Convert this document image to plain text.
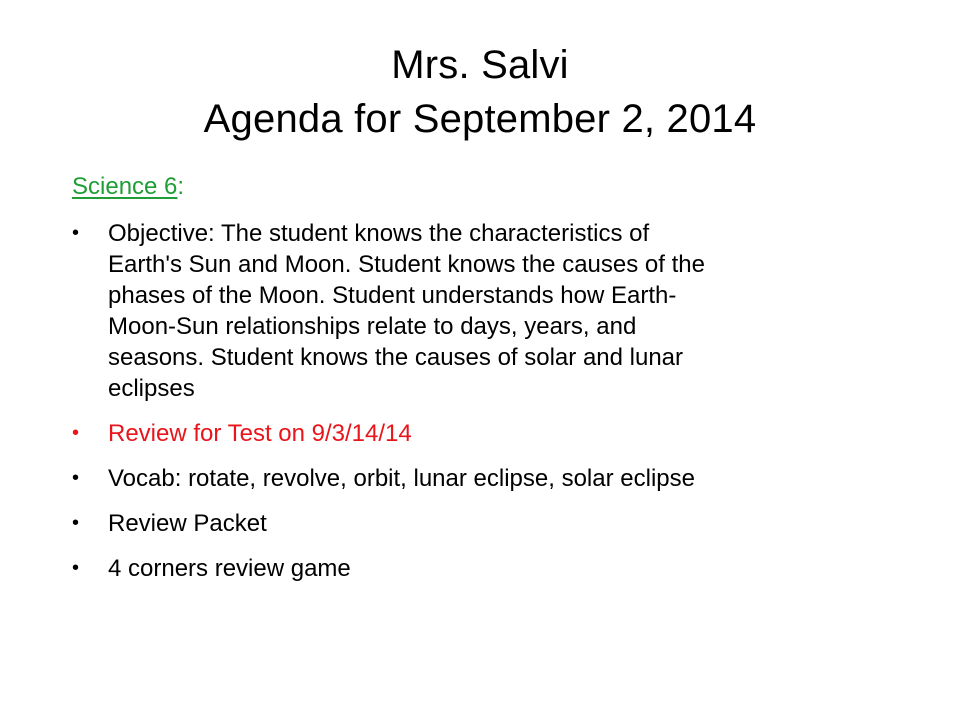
Mrs. Salvi
Agenda for September 2, 2014
Science 6:
•	Objective: The student knows the characteristics of
Earth's Sun and Moon. Student knows the causes of the
phases of the Moon. Student understands how Earth-
Moon-Sun relationships relate to days, years, and
seasons. Student knows the causes of solar and lunar
eclipses
•	Review for Test on 9/3/14/14
•	Vocab: rotate, revolve, orbit, lunar eclipse, solar eclipse
•	Review Packet
•	4 corners review game
